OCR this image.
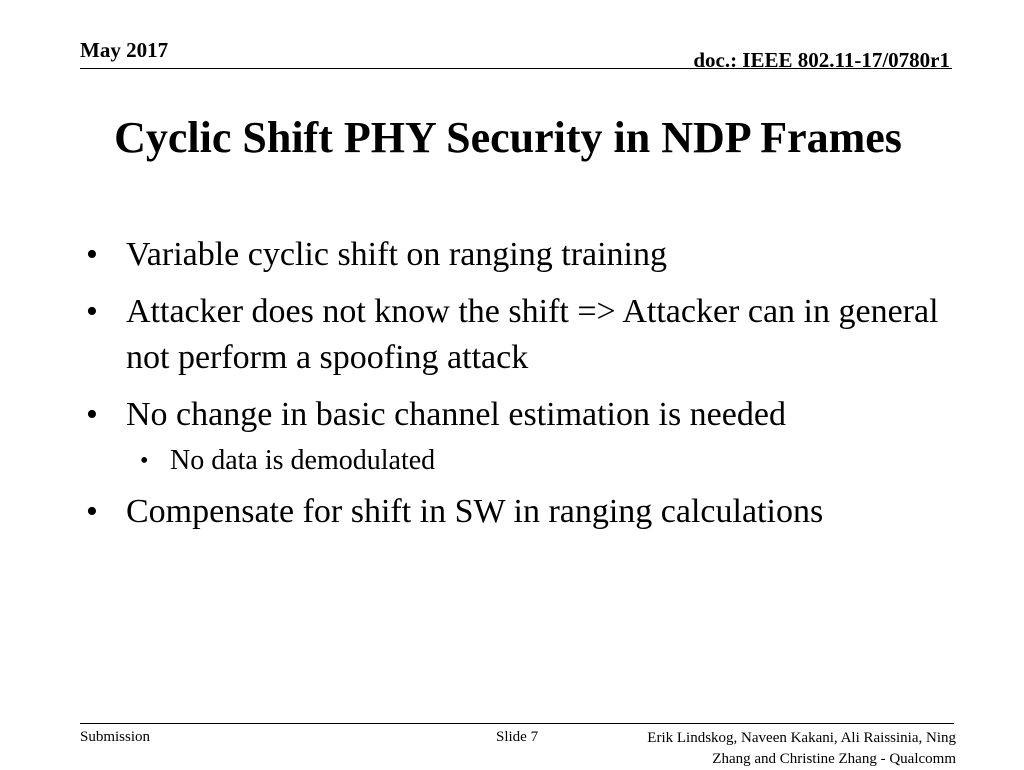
May 2017	doc.: IEEE 802.11-17/0780r1
Cyclic Shift PHY Security in NDP Frames
• Variable cyclic shift on ranging training
• Attacker does not know the shift => Attacker can in general not perform a spoofing attack
• No change in basic channel estimation is needed
• No data is demodulated
• Compensate for shift in SW in ranging calculations
Submission	Slide 7	Erik Lindskog, Naveen Kakani, Ali Raissinia, Ning
Zhang and Christine Zhang - Qualcomm
